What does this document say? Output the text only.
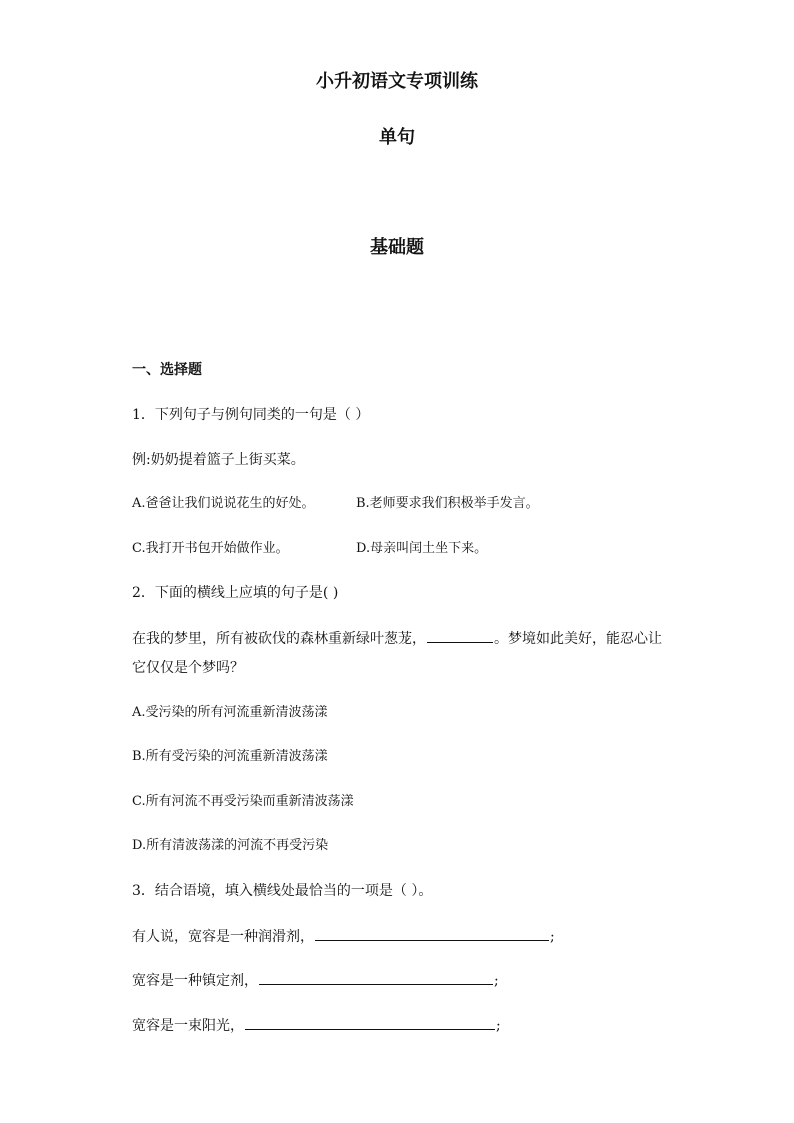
小升初语文专项训练
单句
基础题
一、选择题
1．下列句子与例句同类的一句是（ ）
例:奶奶提着篮子上街买菜。
A.爸爸让我们说说花生的好处。	B.老师要求我们积极举手发言。
C.我打开书包开始做作业。	D.母亲叫闰土坐下来。
2．下面的横线上应填的句子是( )
在我的梦里，所有被砍伐的森林重新绿叶葱茏，	。梦境如此美好，能忍心让
它仅仅是个梦吗？
A.受污染的所有河流重新清波荡漾
B.所有受污染的河流重新清波荡漾
C.所有河流不再受污染而重新清波荡漾
D.所有清波荡漾的河流不再受污染
3．结合语境，填入横线处最恰当的一项是（ ）。
有人说，宽容是一种润滑剂，	;
宽容是一种镇定剂，	;
宽容是一束阳光，	;
